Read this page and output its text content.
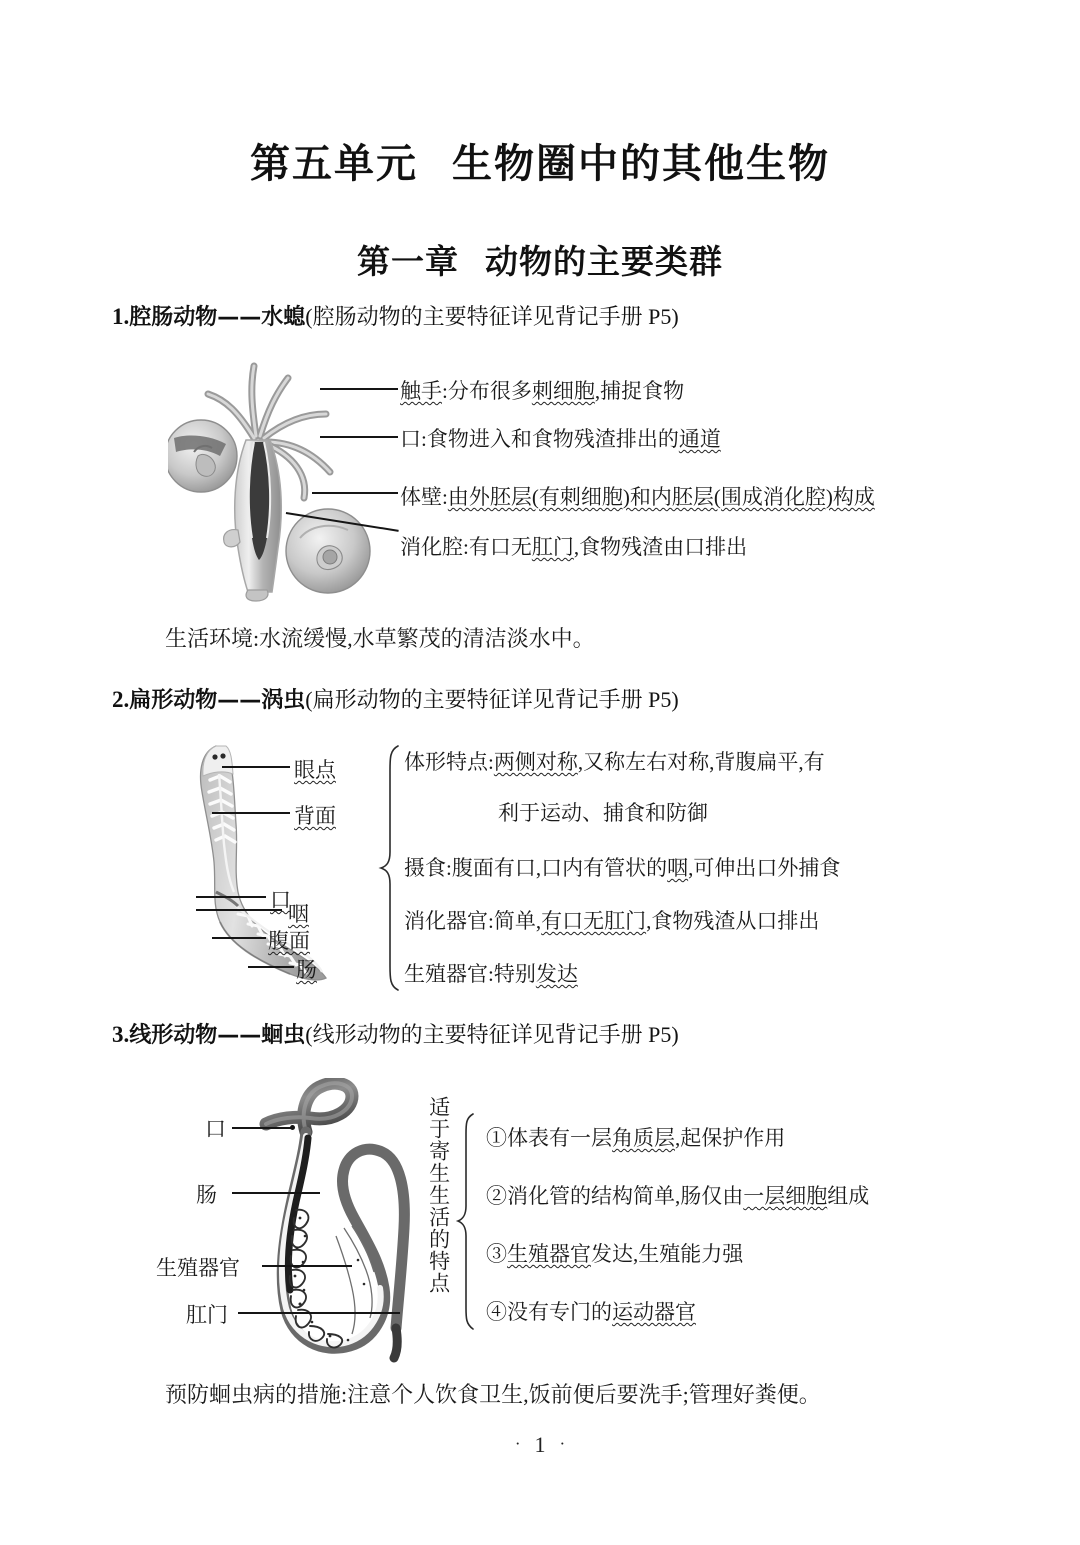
第五单元 生物圈中的其他生物
第一章 动物的主要类群
1.腔肠动物——水螅(腔肠动物的主要特征详见背记手册 P5)
触手:分布很多刺细胞,捕捉食物
口:食物进入和食物残渣排出的通道
体壁:由外胚层(有刺细胞)和内胚层(围成消化腔)构成
消化腔:有口无肛门,食物残渣由口排出
生活环境:水流缓慢,水草繁茂的清洁淡水中。
2.扁形动物——涡虫(扁形动物的主要特征详见背记手册 P5)
眼点
背面
口
咽
腹面
肠
体形特点:两侧对称,又称左右对称,背腹扁平,有
利于运动、捕食和防御
摄食:腹面有口,口内有管状的咽,可伸出口外捕食
消化器官:简单,有口无肛门,食物残渣从口排出
生殖器官:特别发达
3.线形动物——蛔虫(线形动物的主要特征详见背记手册 P5)
口
肠
生殖器官
肛门
适于寄生生活的特点 ①体表有一层角质层,起保护作用
②消化管的结构简单,肠仅由一层细胞组成
③生殖器官发达,生殖能力强
④没有专门的运动器官
预防蛔虫病的措施:注意个人饮食卫生,饭前便后要洗手;管理好粪便。
· 1 ·
